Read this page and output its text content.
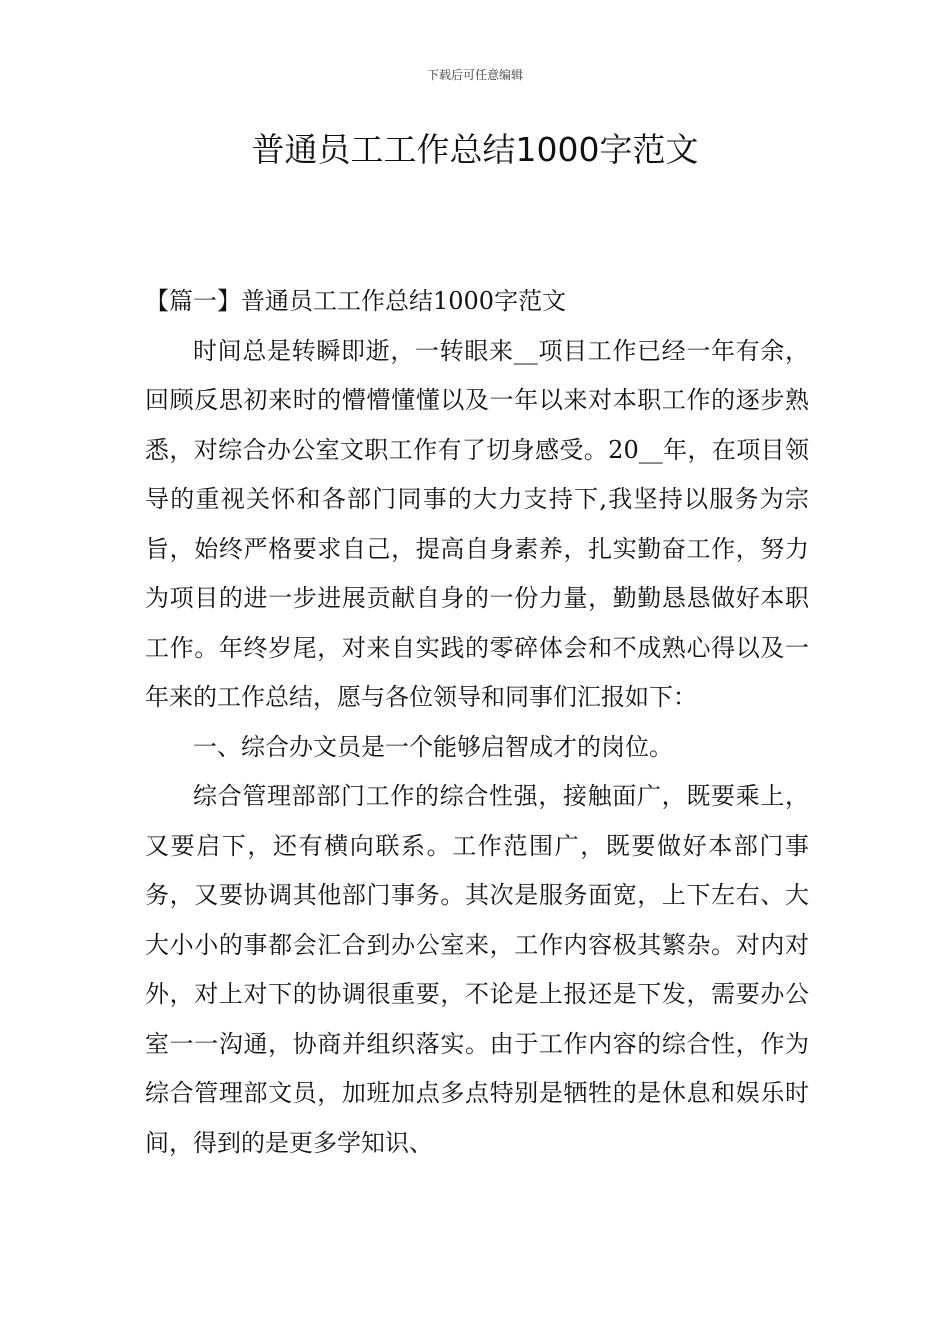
下载后可任意编辑
普通员工工作总结1000字范文

【篇一】普通员工工作总结1000字范文

时间总是转瞬即逝，一转眼来__项目工作已经一年有余，回顾反思初来时的懵懵懂懂以及一年以来对本职工作的逐步熟悉，对综合办公室文职工作有了切身感受。20__年，在项目领导的重视关怀和各部门同事的大力支持下,我坚持以服务为宗旨，始终严格要求自己，提高自身素养，扎实勤奋工作，努力为项目的进一步进展贡献自身的一份力量，勤勤恳恳做好本职工作。年终岁尾，对来自实践的零碎体会和不成熟心得以及一年来的工作总结，愿与各位领导和同事们汇报如下：

一、综合办文员是一个能够启智成才的岗位。

综合管理部部门工作的综合性强，接触面广，既要乘上，又要启下，还有横向联系。工作范围广，既要做好本部门事务，又要协调其他部门事务。其次是服务面宽，上下左右、大大小小的事都会汇合到办公室来，工作内容极其繁杂。对内对外，对上对下的协调很重要，不论是上报还是下发，需要办公室一一沟通，协商并组织落实。由于工作内容的综合性，作为综合管理部文员，加班加点多点特别是牺牲的是休息和娱乐时间，得到的是更多学知识、
